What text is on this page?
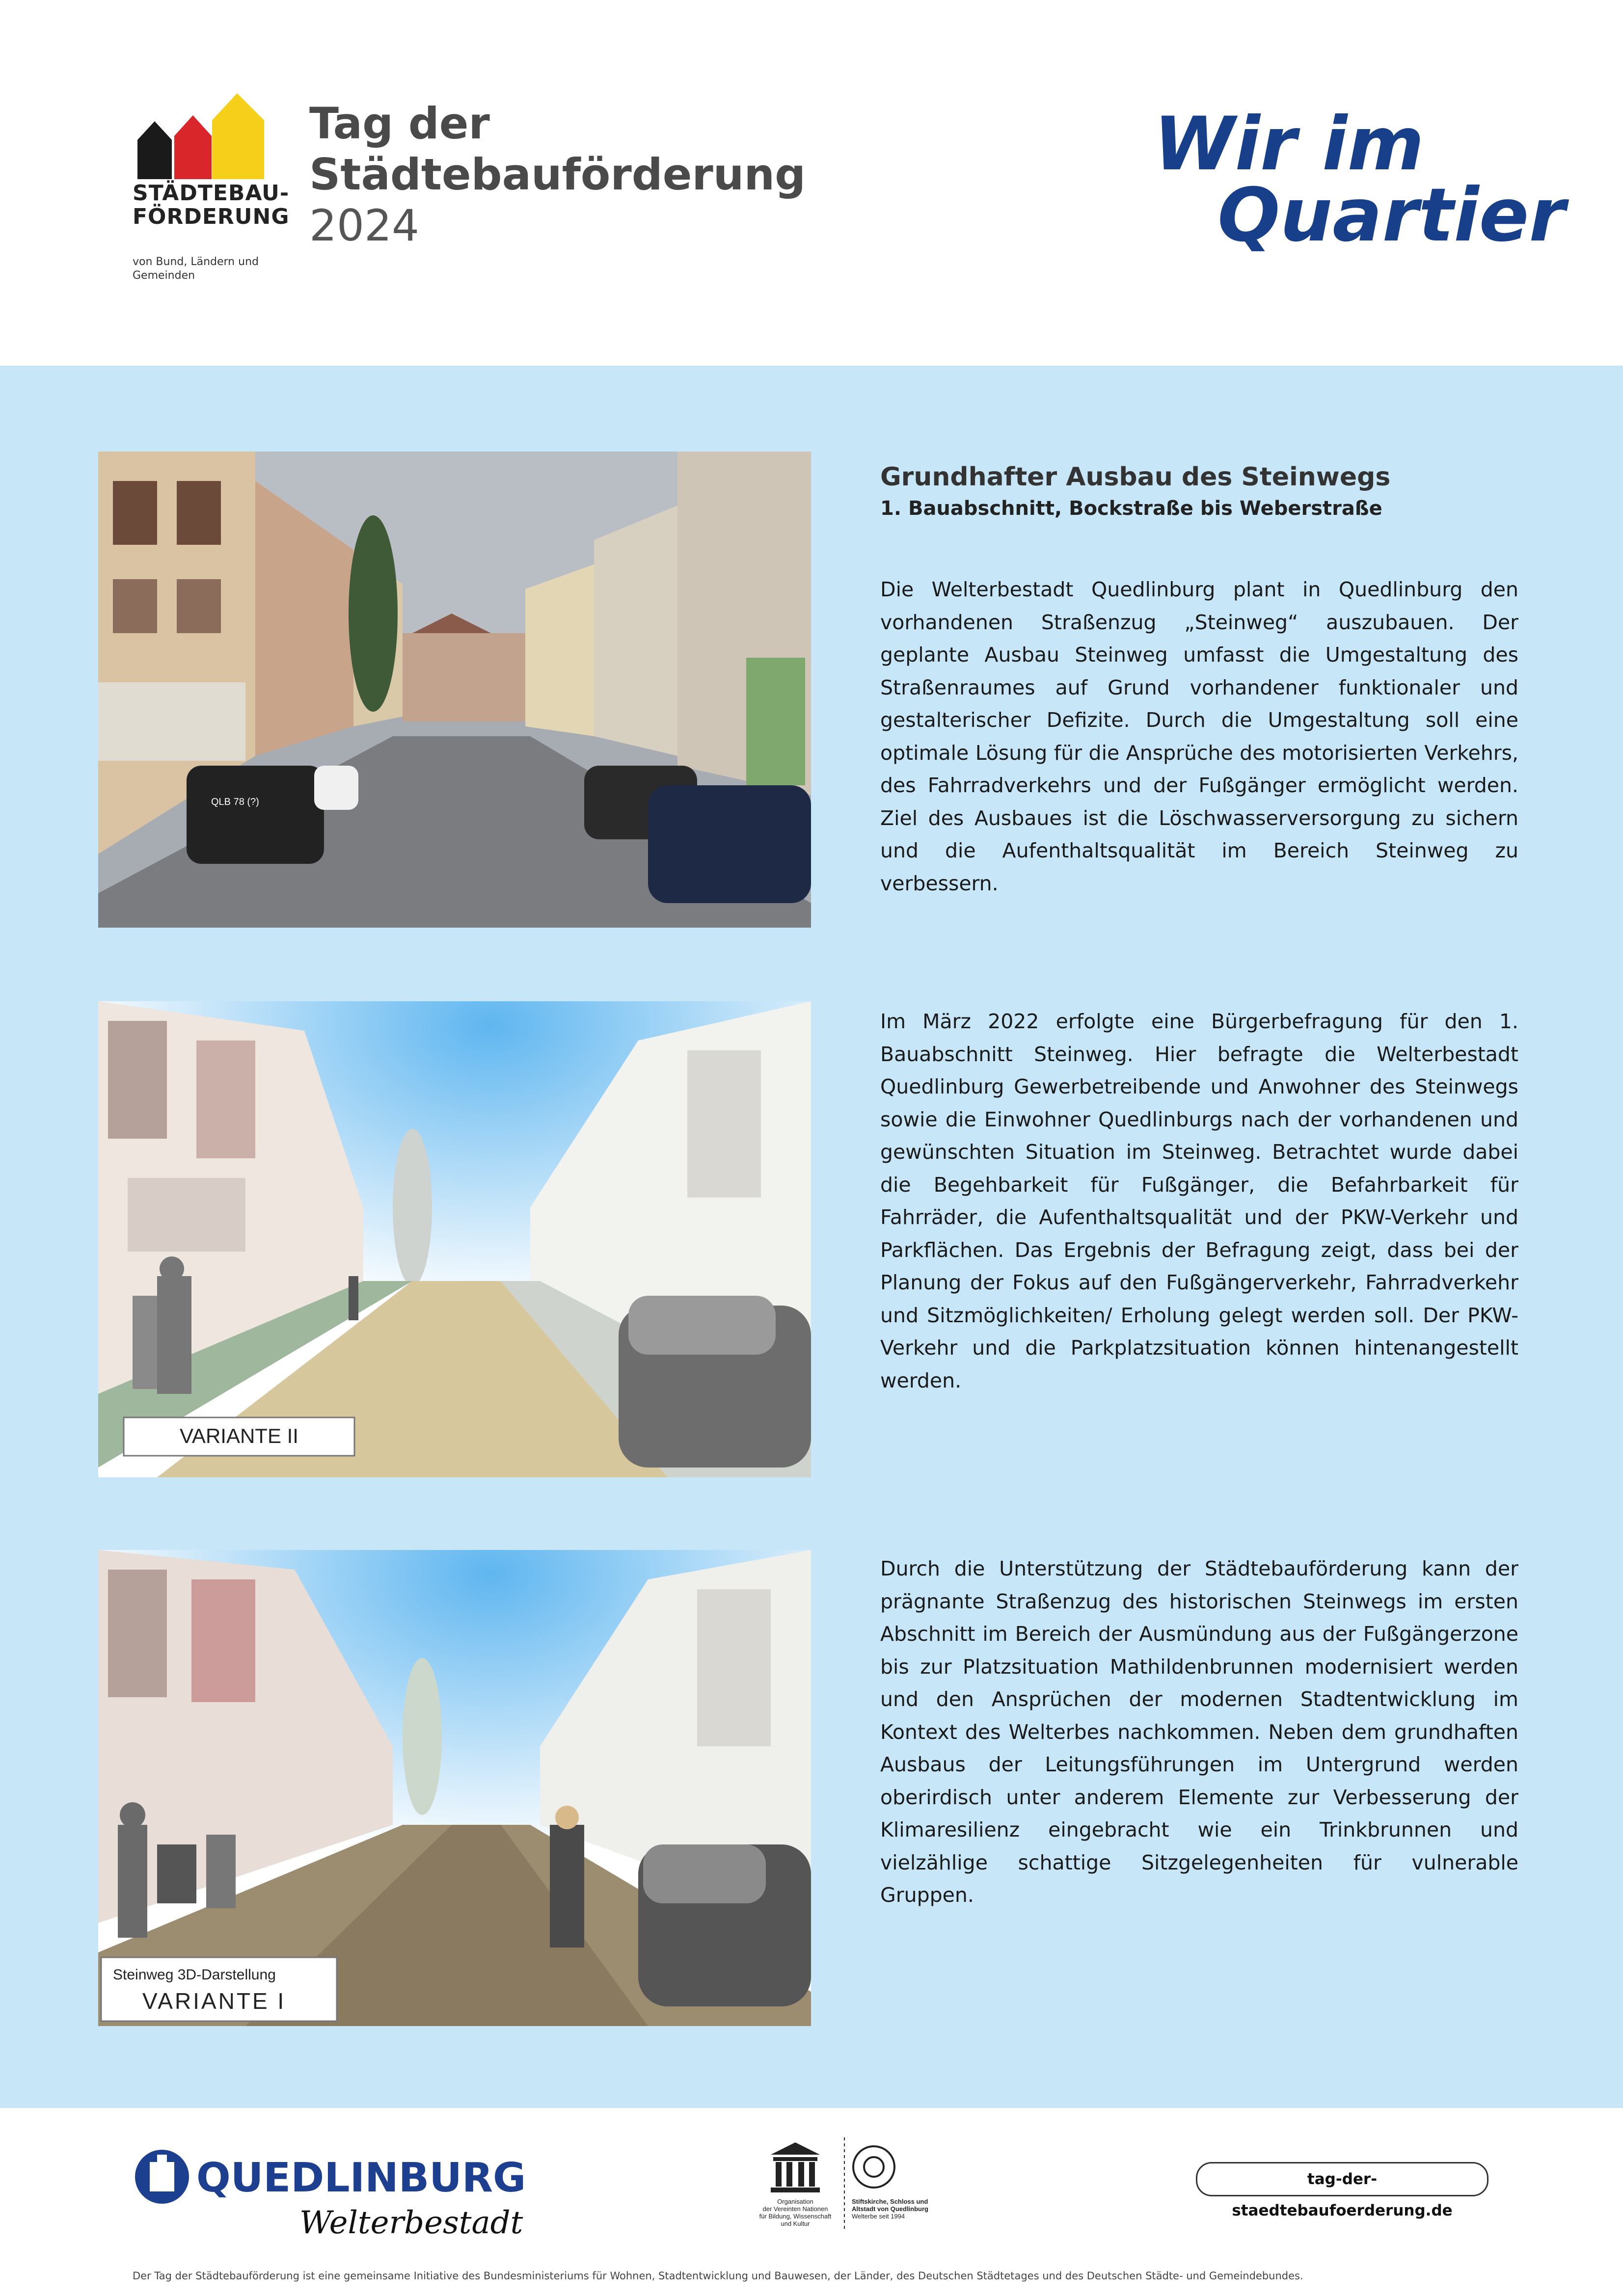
STÄDTEBAU-
FÖRDERUNG
von Bund, Ländern und
Gemeinden
Tag der
Städtebauförderung
2024
Wir im
Quartier
QLB 78 (?)
Grundhafter Ausbau des Steinwegs
1. Bauabschnitt, Bockstraße bis Weberstraße
Die Welterbestadt Quedlinburg plant in Quedlinburg den vorhandenen Straßenzug „Steinweg“ auszubauen. Der geplante Ausbau Steinweg umfasst die Umgestaltung des Straßenraumes auf Grund vorhandener funktionaler und gestalterischer Defizite. Durch die Umgestaltung soll eine optimale Lösung für die Ansprüche des motorisierten Verkehrs, des Fahrradverkehrs und der Fußgänger ermöglicht werden. Ziel des Ausbaues ist die Löschwasserversorgung zu sichern und die Aufenthaltsqualität im Bereich Steinweg zu verbessern.
VARIANTE II
Im März 2022 erfolgte eine Bürgerbefragung für den 1. Bauabschnitt Steinweg. Hier befragte die Welterbestadt Quedlinburg Gewerbetreibende und Anwohner des Steinwegs sowie die Einwohner Quedlinburgs nach der vorhandenen und gewünschten Situation im Steinweg. Betrachtet wurde dabei die Begehbarkeit für Fußgänger, die Befahrbarkeit für Fahrräder, die Aufenthaltsqualität und der PKW-Verkehr und Parkflächen. Das Ergebnis der Befragung zeigt, dass bei der Planung der Fokus auf den Fußgängerverkehr, Fahrradverkehr und Sitzmöglichkeiten/ Erholung gelegt werden soll. Der PKW-Verkehr und die Parkplatzsituation können hintenangestellt werden.
Steinweg 3D-Darstellung
VARIANTE I
Durch die Unterstützung der Städtebauförderung kann der prägnante Straßenzug des historischen Steinwegs im ersten Abschnitt im Bereich der Ausmündung aus der Fußgängerzone bis zur Platzsituation Mathildenbrunnen modernisiert werden und den Ansprüchen der modernen Stadtentwicklung im Kontext des Welterbes nachkommen. Neben dem grundhaften Ausbaus der Leitungsführungen im Untergrund werden oberirdisch unter anderem Elemente zur Verbesserung der Klimaresilienz eingebracht wie ein Trinkbrunnen und vielzählige schattige Sitzgelegenheiten für vulnerable Gruppen.
QUEDLINBURG
Welterbestadt
Organisation
der Vereinten Nationen
für Bildung, Wissenschaft
und Kultur
Stiftskirche, Schloss und
Altstadt von Quedlinburg
Welterbe seit 1994
tag-der-staedtebaufoerderung.de
Der Tag der Städtebauförderung ist eine gemeinsame Initiative des Bundesministeriums für Wohnen, Stadtentwicklung und Bauwesen, der Länder, des Deutschen Städtetages und des Deutschen Städte- und Gemeindebundes.
